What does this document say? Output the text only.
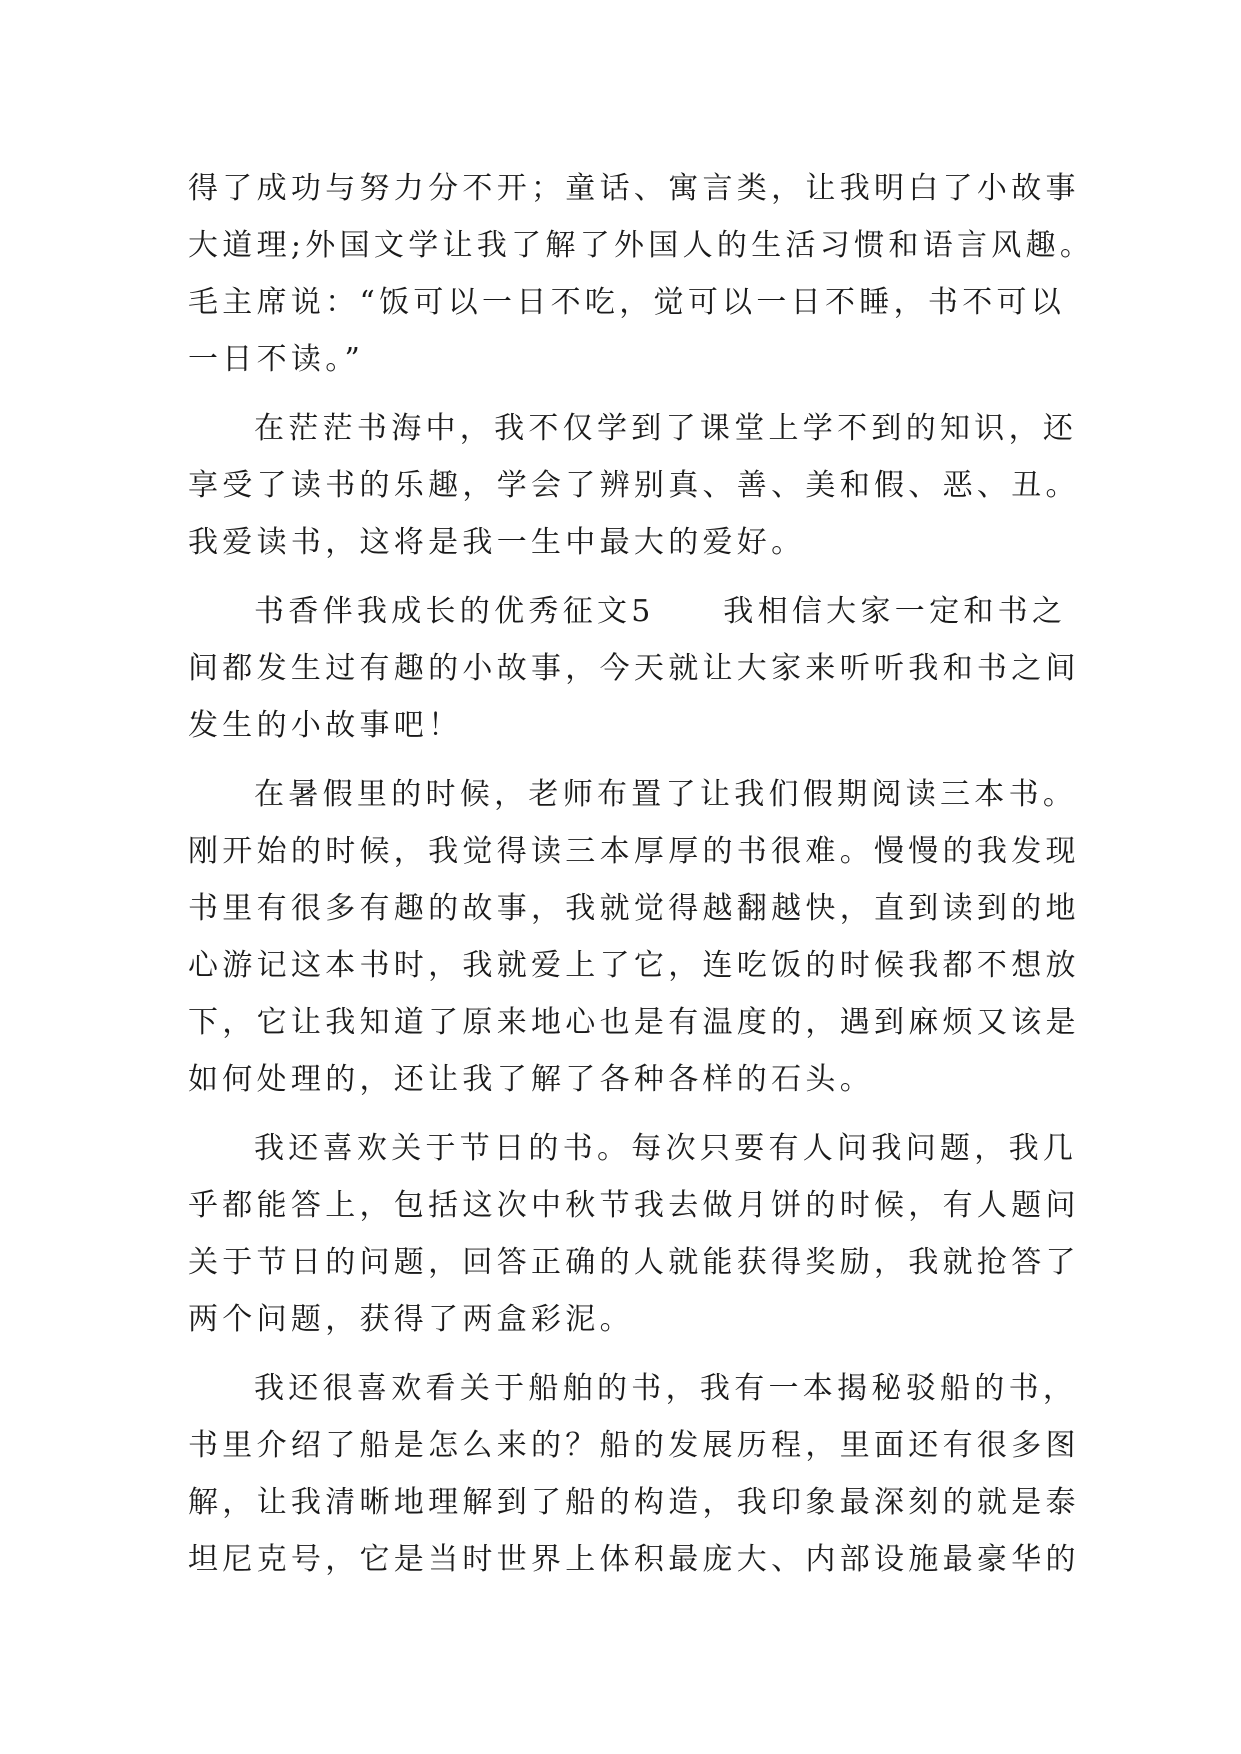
得了成功与努力分不开；童话、寓言类，让我明白了小故事
大道理;外国文学让我了解了外国人的生活习惯和语言风趣。
毛主席说：“饭可以一日不吃，觉可以一日不睡，书不可以
一日不读。”
在茫茫书海中，我不仅学到了课堂上学不到的知识，还
享受了读书的乐趣，学会了辨别真、善、美和假、恶、丑。
我爱读书，这将是我一生中最大的爱好。
书香伴我成长的优秀征文5　　我相信大家一定和书之
间都发生过有趣的小故事，今天就让大家来听听我和书之间
发生的小故事吧！
在暑假里的时候，老师布置了让我们假期阅读三本书。
刚开始的时候，我觉得读三本厚厚的书很难。慢慢的我发现
书里有很多有趣的故事，我就觉得越翻越快，直到读到的地
心游记这本书时，我就爱上了它，连吃饭的时候我都不想放
下，它让我知道了原来地心也是有温度的，遇到麻烦又该是
如何处理的，还让我了解了各种各样的石头。
我还喜欢关于节日的书。每次只要有人问我问题，我几
乎都能答上，包括这次中秋节我去做月饼的时候，有人题问
关于节日的问题，回答正确的人就能获得奖励，我就抢答了
两个问题，获得了两盒彩泥。
我还很喜欢看关于船舶的书，我有一本揭秘驳船的书，
书里介绍了船是怎么来的？船的发展历程，里面还有很多图
解，让我清晰地理解到了船的构造，我印象最深刻的就是泰
坦尼克号，它是当时世界上体积最庞大、内部设施最豪华的
